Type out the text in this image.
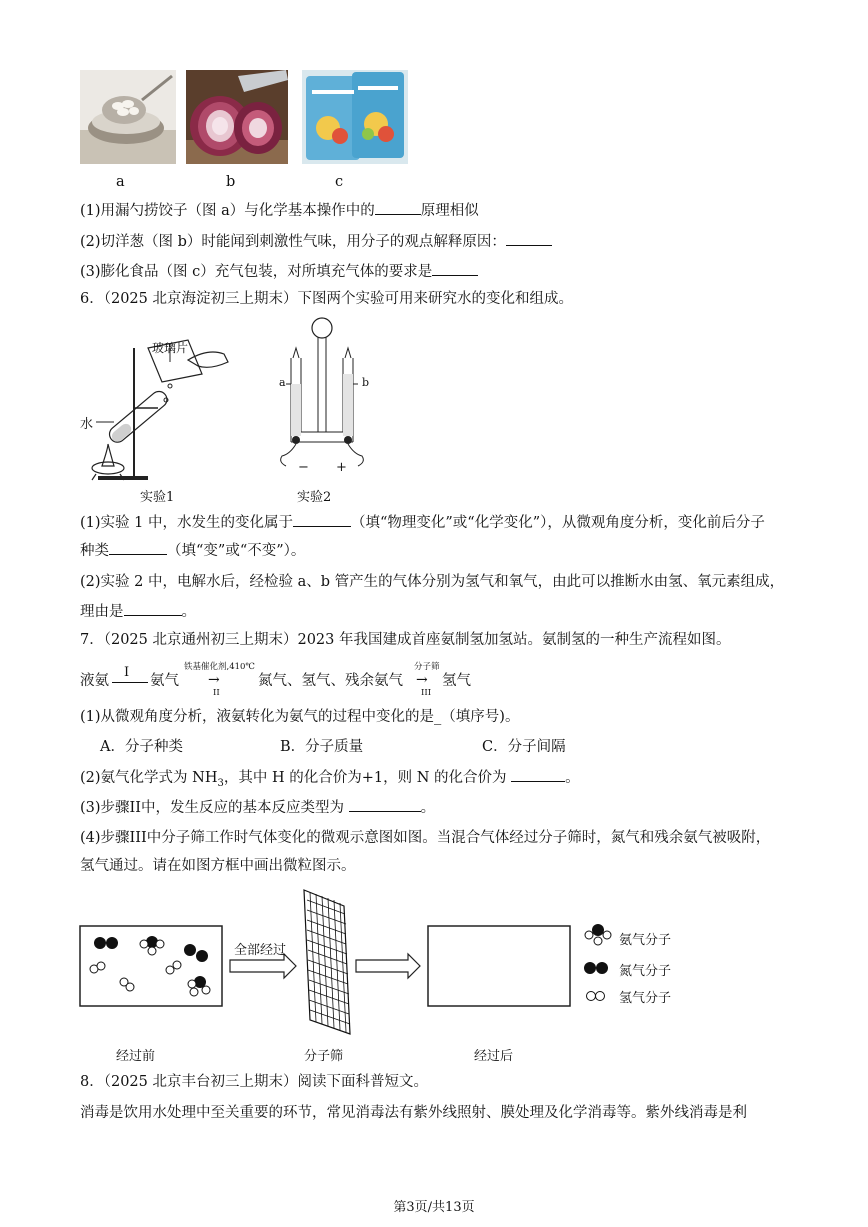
a	b	c
(1)用漏勺捞饺子（图 a）与化学基本操作中的	原理相似
(2)切洋葱（图 b）时能闻到刺激性气味，用分子的观点解释原因：
(3)膨化食品（图 c）充气包装，对所填充气体的要求是
6．（2025 北京海淀初三上期末）下图两个实验可用来研究水的变化和组成。
玻璃片
水
实验1
a	b
− +
实验2
(1)实验 1 中，水发生的变化属于	（填“物理变化”或“化学变化”），从微观角度分析，变化前后分子
种类	（填“变”或“不变”）。
(2)实验 2 中，电解水后，经检验 a、b 管产生的气体分别为氢气和氧气，由此可以推断水由氢、氧元素组成，
理由是	。
7．（2025 北京通州初三上期末）2023 年我国建成首座氨制氢加氢站。氨制氢的一种生产流程如图。
液氨
I
氨气
铁基催化剂,410℃
→
II
氮气、氢气、残余氨气
分子筛
→
III
氢气
(1)从微观角度分析，液氨转化为氨气的过程中变化的是_（填序号)。
A．分子种类	B．分子质量	C．分子间隔
(2)氨气化学式为 $NH_3$，其中 H 的化合价为+1，则 N 的化合价为	。
(3)步骤II中，发生反应的基本反应类型为	。
(4)步骤III中分子筛工作时气体变化的微观示意图如图。当混合气体经过分子筛时，氮气和残余氨气被吸附，
氢气通过。请在如图方框中画出微粒图示。
全部经过
氨气分子
氮气分子
氢气分子
经过前	分子筛	经过后
8．（2025 北京丰台初三上期末）阅读下面科普短文。
消毒是饮用水处理中至关重要的环节，常见消毒法有紫外线照射、膜处理及化学消毒等。紫外线消毒是利
第3页/共13页
